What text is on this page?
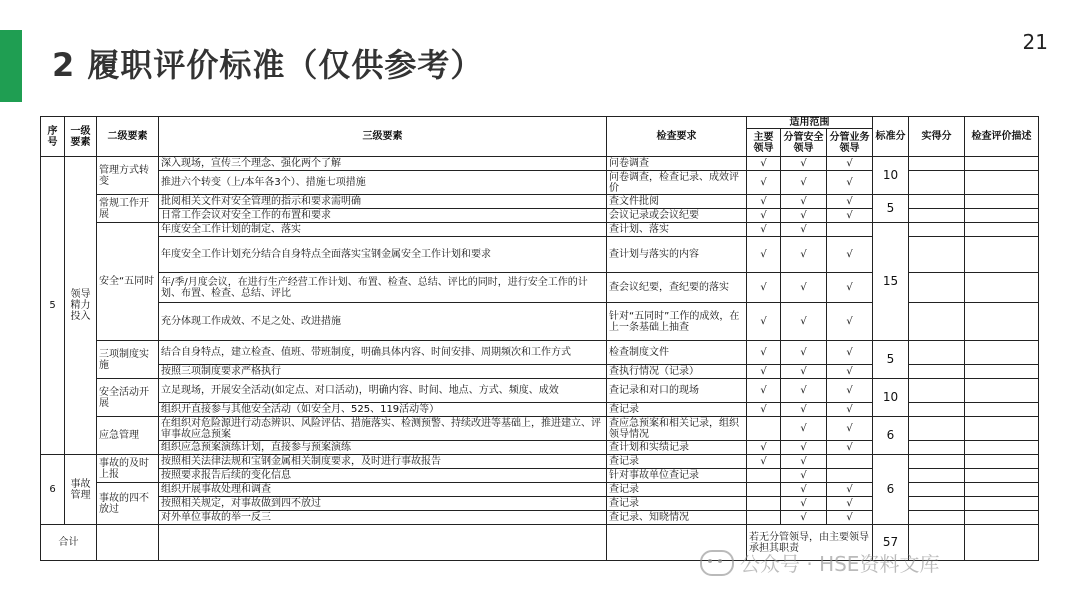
2 履职评价标准（仅供参考）
21
序号	一级要素	二级要素	三级要素	检查要求	适用范围			标准分	实得分	检查评价描述
					主要领导	分管安全领导	分管业务领导			
5	领导精力投入	管理方式转变	深入现场，宣传三个理念、强化两个了解	问卷调查	√	√	√	10		
			推进六个转变（上/本年各3个）、措施七项措施	问卷调查，检查记录、成效评价	√	√	√			
		常规工作开展	批阅相关文件对安全管理的指示和要求需明确	查文件批阅	√	√	√	5		
			日常工作会议对安全工作的布置和要求	会议记录或会议纪要	√	√	√			
		安全“五同时	年度安全工作计划的制定、落实	查计划、落实	√	√		15		
			年度安全工作计划充分结合自身特点全面落实宝钢金属安全工作计划和要求	查计划与落实的内容	√	√	√			
			年/季/月度会议，在进行生产经营工作计划、布置、检查、总结、评比的同时，进行安全工作的计划、布置、检查、总结、评比	查会议纪要，查纪要的落实	√	√	√			
			充分体现工作成效、不足之处、改进措施	针对“五同时”工作的成效，在上一条基础上抽查	√	√	√			
		三项制度实施	结合自身特点，建立检查、值班、带班制度，明确具体内容、时间安排、周期频次和工作方式	检查制度文件	√	√	√	5		
			按照三项制度要求严格执行	查执行情况（记录）	√	√	√			
		安全活动开展	立足现场，开展安全活动(如定点、对口活动)，明确内容、时间、地点、方式、频度、成效	查记录和对口的现场	√	√	√	10		
			组织开直接参与其他安全活动（如安全月、525、119活动等）	查记录	√	√	√			
		应急管理	在组织对危险源进行动态辨识、风险评估、措施落实、检测预警、持续改进等基础上，推进建立、评审事故应急预案	查应急预案和相关记录，组织领导情况		√	√	6		
			组织应急预案演练计划，直接参与预案演练	查计划和实绩记录	√	√	√			
6	事故管理	事故的及时上报	按照相关法律法规和宝钢金属相关制度要求，及时进行事故报告	查记录	√	√		6		
			按照要求报告后续的变化信息	针对事故单位查记录		√				
		事故的四不放过	组织开展事故处理和调查	查记录		√	√			
			按照相关规定，对事故做到四不放过	查记录		√	√			
			对外单位事故的举一反三	查记录、知晓情况		√	√			
合计					若无分管领导，由主要领导承担其职责			57		
公众号 · HSE资料文库
